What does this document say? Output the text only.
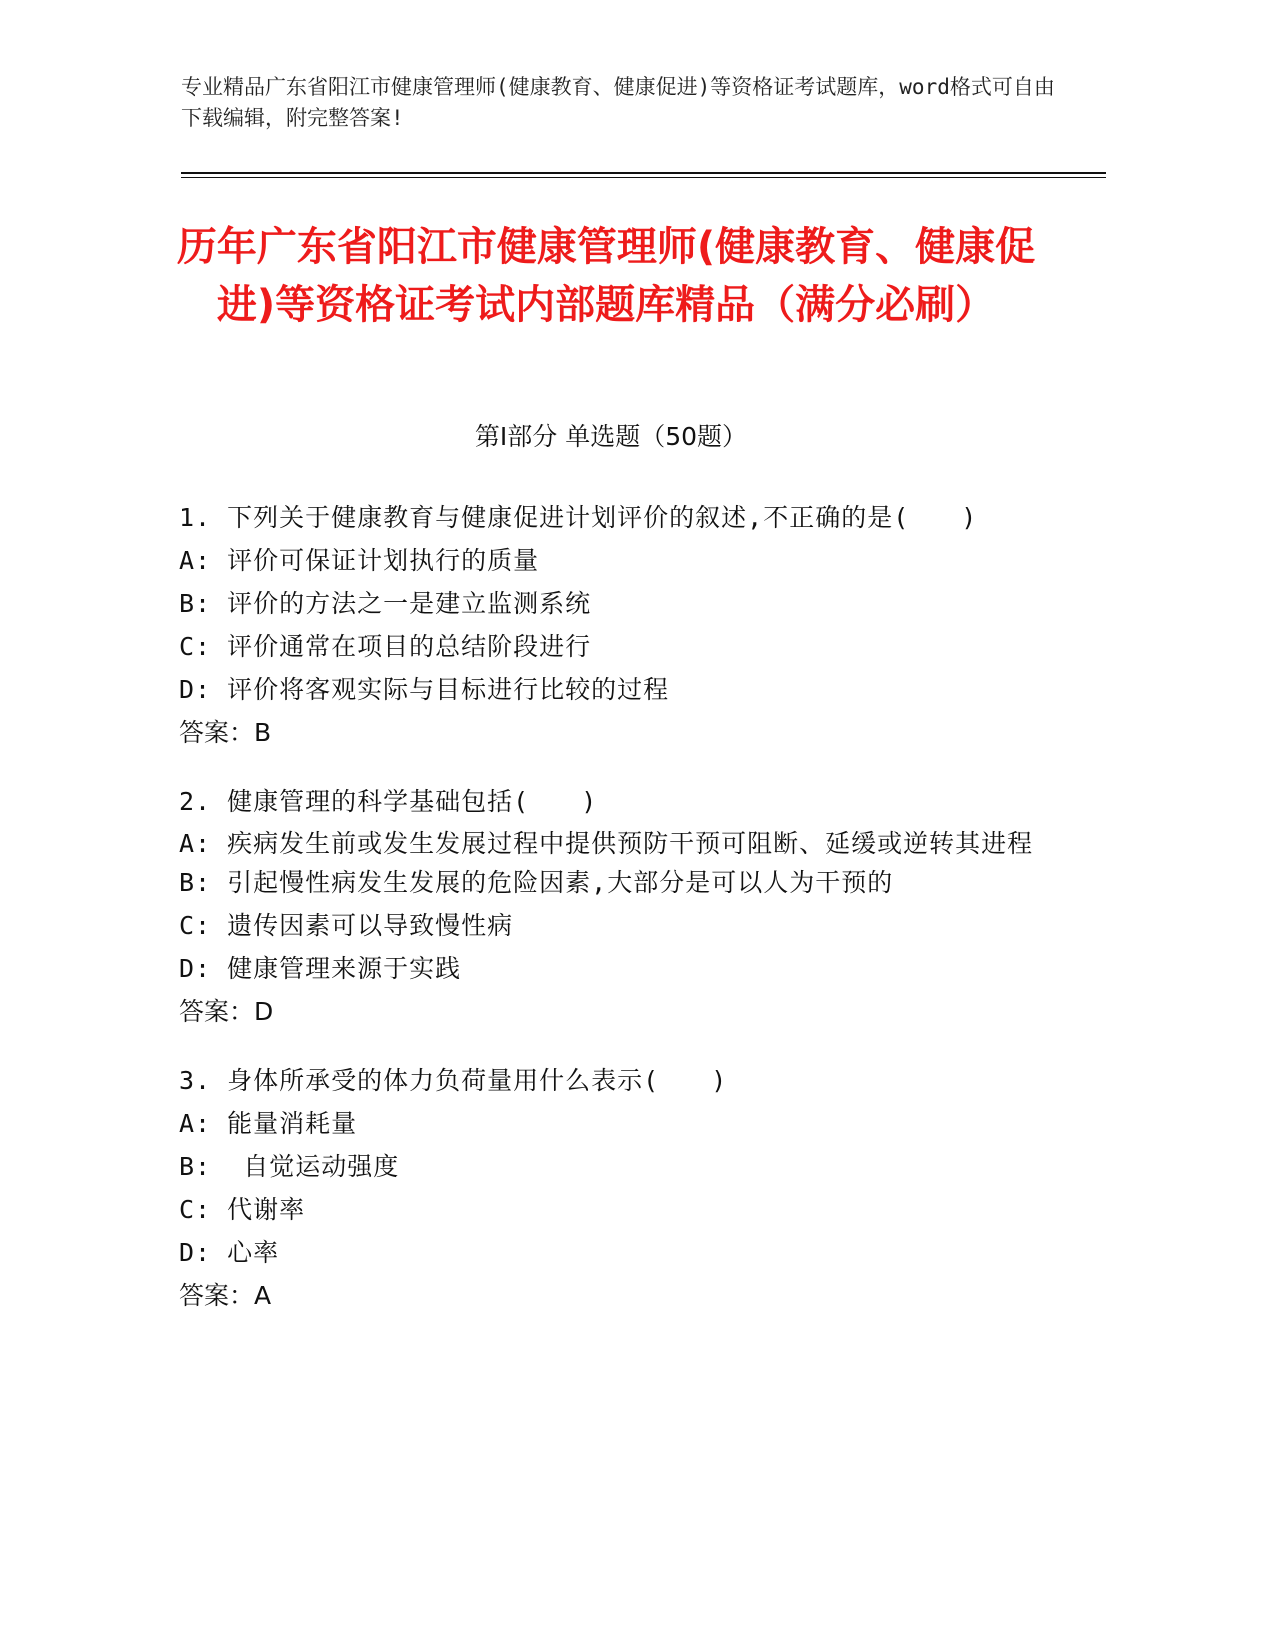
专业精品广东省阳江市健康管理师(健康教育、健康促进)等资格证考试题库，word格式可自由下载编辑，附完整答案!
历年广东省阳江市健康管理师(健康教育、健康促进)等资格证考试内部题库精品（满分必刷）
第Ⅰ部分 单选题（50题）
1. 下列关于健康教育与健康促进计划评价的叙述,不正确的是(　　)
A: 评价可保证计划执行的质量
B: 评价的方法之一是建立监测系统
C: 评价通常在项目的总结阶段进行
D: 评价将客观实际与目标进行比较的过程
答案：B
2. 健康管理的科学基础包括(　　)
A: 疾病发生前或发生发展过程中提供预防干预可阻断、延缓或逆转其进程
B: 引起慢性病发生发展的危险因素,大部分是可以人为干预的
C: 遗传因素可以导致慢性病
D: 健康管理来源于实践
答案：D
3. 身体所承受的体力负荷量用什么表示(　　)
A: 能量消耗量
B:  自觉运动强度
C: 代谢率
D: 心率
答案：A
